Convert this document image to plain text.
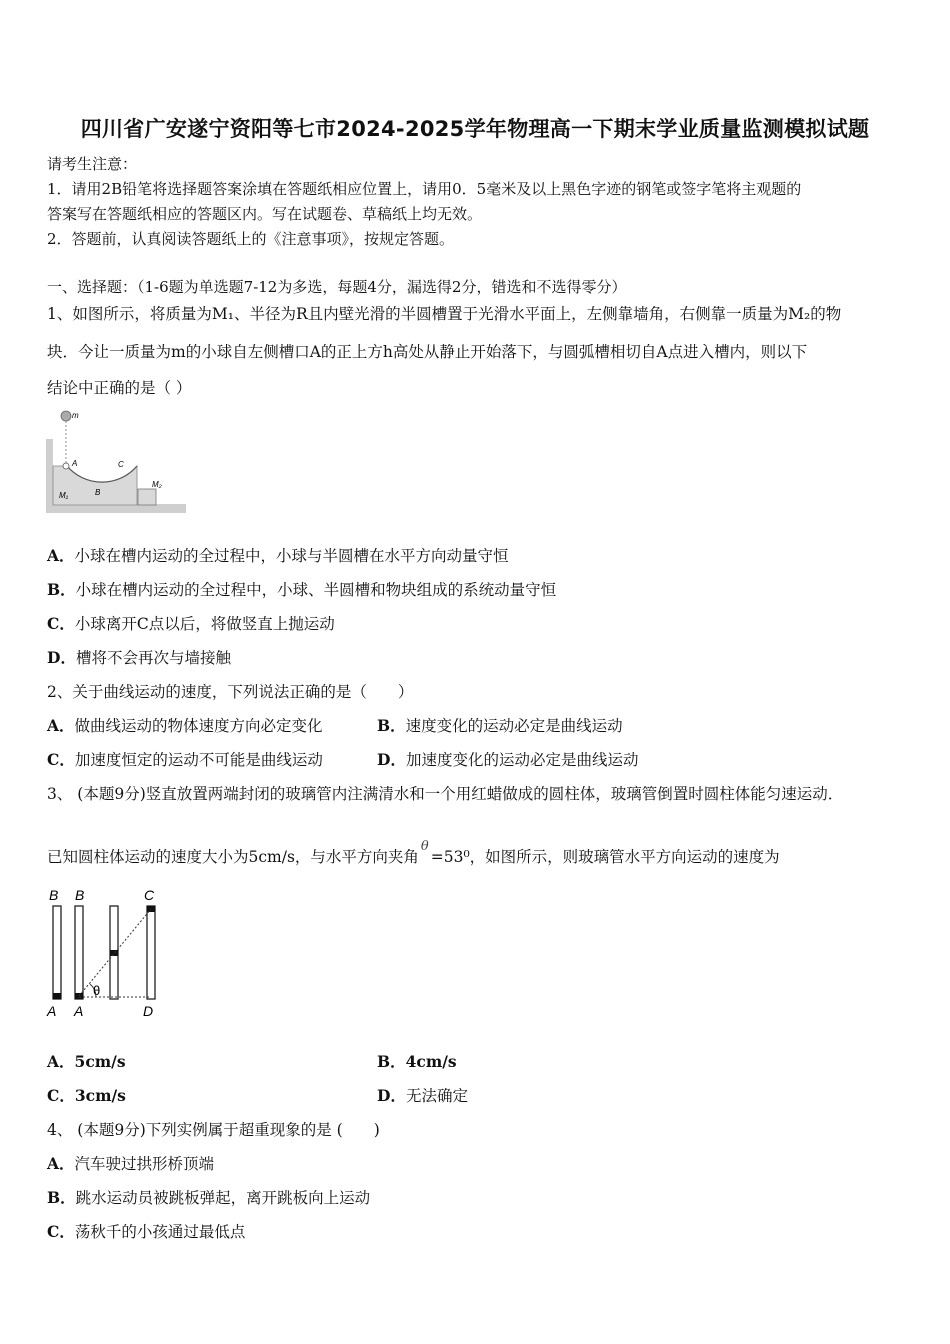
四川省广安遂宁资阳等七市2024-2025学年物理高一下期末学业质量监测模拟试题
请考生注意：
1．请用2B铅笔将选择题答案涂填在答题纸相应位置上，请用0．5毫米及以上黑色字迹的钢笔或签字笔将主观题的
答案写在答题纸相应的答题区内。写在试题卷、草稿纸上均无效。
2．答题前，认真阅读答题纸上的《注意事项》，按规定答题。
一、选择题：（1-6题为单选题7-12为多选，每题4分，漏选得2分，错选和不选得零分）
1、如图所示，将质量为M₁、半径为R且内壁光滑的半圆槽置于光滑水平面上，左侧靠墙角，右侧靠一质量为M₂的物
块．今让一质量为m的小球自左侧槽口A的正上方h高处从静止开始落下，与圆弧槽相切自A点进入槽内，则以下
结论中正确的是（ ）
m
A
B
C
M₁
M₂
A．小球在槽内运动的全过程中，小球与半圆槽在水平方向动量守恒
B．小球在槽内运动的全过程中，小球、半圆槽和物块组成的系统动量守恒
C．小球离开C点以后，将做竖直上抛运动
D．槽将不会再次与墙接触
2、关于曲线运动的速度，下列说法正确的是（　　）
A．做曲线运动的物体速度方向必定变化	B．速度变化的运动必定是曲线运动
C．加速度恒定的运动不可能是曲线运动	D．加速度变化的运动必定是曲线运动
3、 (本题9分)竖直放置两端封闭的玻璃管内注满清水和一个用红蜡做成的圆柱体，玻璃管倒置时圆柱体能匀速运动．
已知圆柱体运动的速度大小为5cm/s，与水平方向夹角$^\theta$=53⁰，如图所示，则玻璃管水平方向运动的速度为
B B	C
A A	D
θ
A．5cm/s	B．4cm/s
C．3cm/s	D．无法确定
4、 (本题9分)下列实例属于超重现象的是 (　　)
A．汽车驶过拱形桥顶端
B．跳水运动员被跳板弹起，离开跳板向上运动
C．荡秋千的小孩通过最低点
